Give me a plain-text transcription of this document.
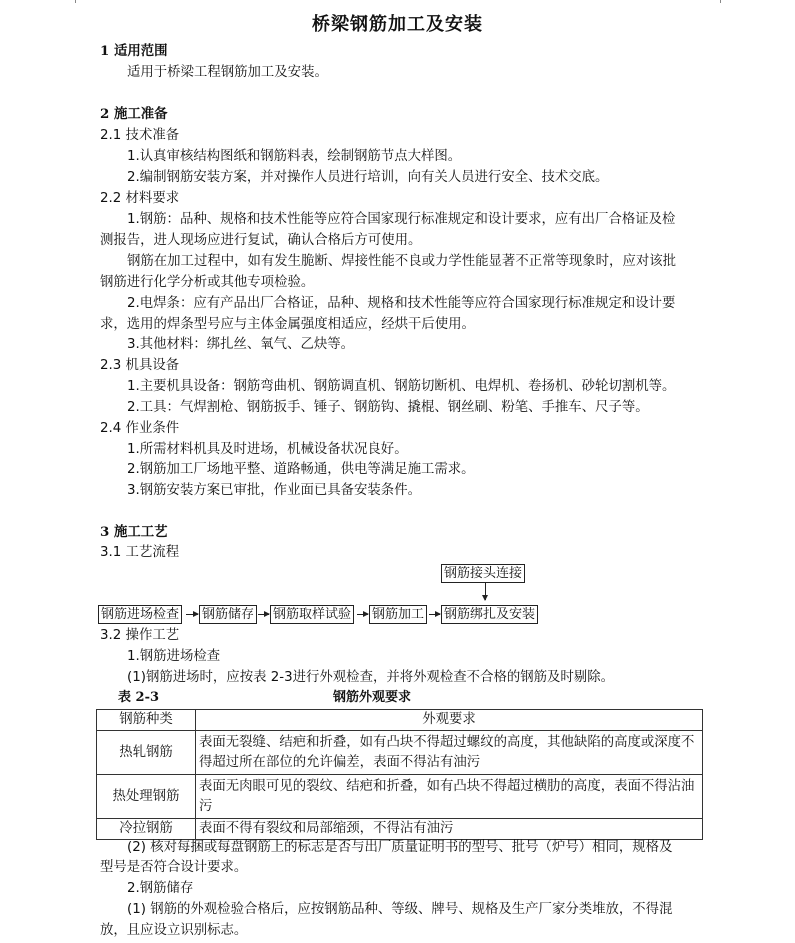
桥梁钢筋加工及安装
1 适用范围
适用于桥梁工程钢筋加工及安装。
2 施工准备
2.1 技术准备
1.认真审核结构图纸和钢筋料表，绘制钢筋节点大样图。
2.编制钢筋安装方案，并对操作人员进行培训，向有关人员进行安全、技术交底。
2.2 材料要求
1.钢筋：品种、规格和技术性能等应符合国家现行标准规定和设计要求，应有出厂合格证及检
测报告，进人现场应进行复试，确认合格后方可使用。
钢筋在加工过程中，如有发生脆断、焊接性能不良或力学性能显著不正常等现象时，应对该批
钢筋进行化学分析或其他专项检验。
2.电焊条：应有产品出厂合格证，品种、规格和技术性能等应符合国家现行标准规定和设计要
求，选用的焊条型号应与主体金属强度相适应，经烘干后使用。
3.其他材料：绑扎丝、氧气、乙炔等。
2.3 机具设备
1.主要机具设备：钢筋弯曲机、钢筋调直机、钢筋切断机、电焊机、卷扬机、砂轮切割机等。
2.工具：气焊割枪、钢筋扳手、锤子、钢筋钩、撬棍、钢丝刷、粉笔、手推车、尺子等。
2.4 作业条件
1.所需材料机具及时进场，机械设备状况良好。
2.钢筋加工厂场地平整、道路畅通，供电等满足施工需求。
3.钢筋安装方案已审批，作业面已具备安装条件。
3 施工工艺
3.1 工艺流程
钢筋接头连接
钢筋进场检查 钢筋储存 钢筋取样试验 钢筋加工 钢筋绑扎及安装
3.2 操作工艺
1.钢筋进场检查
(1)钢筋进场时，应按表 2-3进行外观检查，并将外观检查不合格的钢筋及时剔除。
表 2-3	钢筋外观要求
钢筋种类	外观要求
热轧钢筋	表面无裂缝、结疤和折叠，如有凸块不得超过螺纹的高度，其他缺陷的高度或深度不得超过所在部位的允许偏差，表面不得沾有油污
热处理钢筋	表面无肉眼可见的裂纹、结疤和折叠，如有凸块不得超过横肋的高度，表面不得沾油污
冷拉钢筋	表面不得有裂纹和局部缩颈，不得沾有油污
(2) 核对每捆或每盘钢筋上的标志是否与出厂质量证明书的型号、批号（炉号）相同，规格及
型号是否符合设计要求。
2.钢筋储存
(1) 钢筋的外观检验合格后，应按钢筋品种、等级、牌号、规格及生产厂家分类堆放，不得混
放，且应设立识别标志。
